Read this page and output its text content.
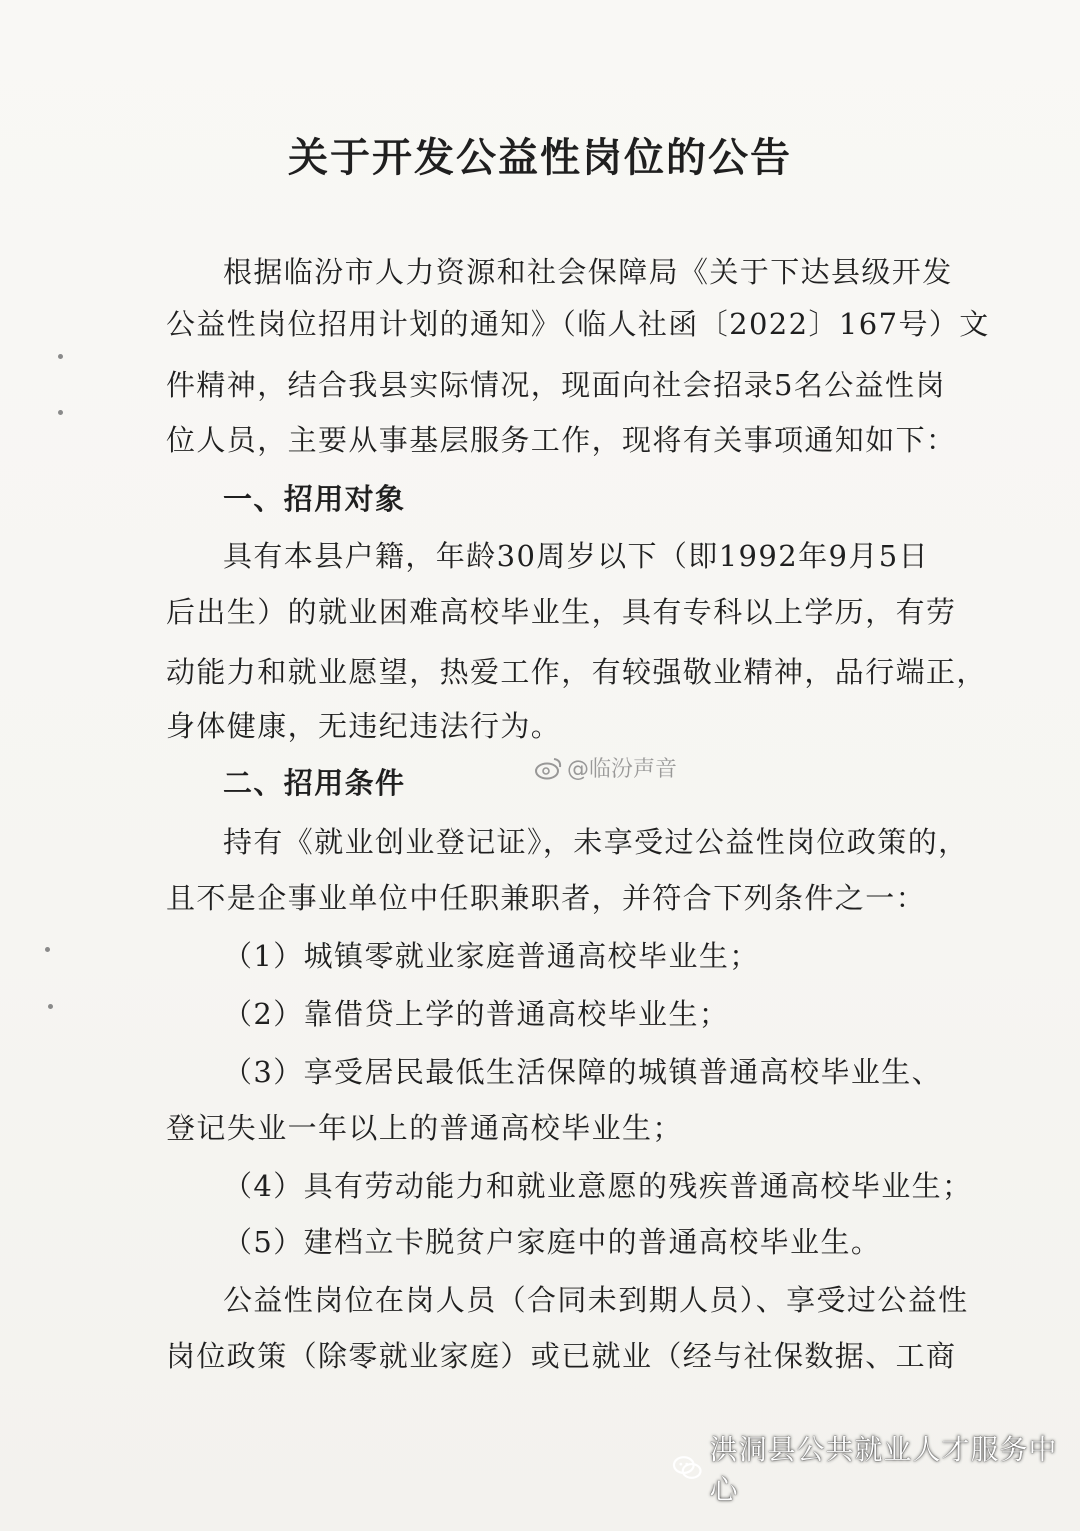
关于开发公益性岗位的公告
根据临汾市人力资源和社会保障局《关于下达县级开发
公益性岗位招用计划的通知》（临人社函〔2022〕167号）文
件精神，结合我县实际情况，现面向社会招录5名公益性岗
位人员，主要从事基层服务工作，现将有关事项通知如下：
一、招用对象
具有本县户籍，年龄30周岁以下（即1992年9月5日
后出生）的就业困难高校毕业生，具有专科以上学历，有劳
动能力和就业愿望，热爱工作，有较强敬业精神，品行端正，
身体健康，无违纪违法行为。
二、招用条件
持有《就业创业登记证》，未享受过公益性岗位政策的，
且不是企事业单位中任职兼职者，并符合下列条件之一：
（1）城镇零就业家庭普通高校毕业生；
（2）靠借贷上学的普通高校毕业生；
（3）享受居民最低生活保障的城镇普通高校毕业生、
登记失业一年以上的普通高校毕业生；
（4）具有劳动能力和就业意愿的残疾普通高校毕业生；
（5）建档立卡脱贫户家庭中的普通高校毕业生。
公益性岗位在岗人员（合同未到期人员）、享受过公益性
岗位政策（除零就业家庭）或已就业（经与社保数据、工商
@临汾声音
洪洞县公共就业人才服务中心
